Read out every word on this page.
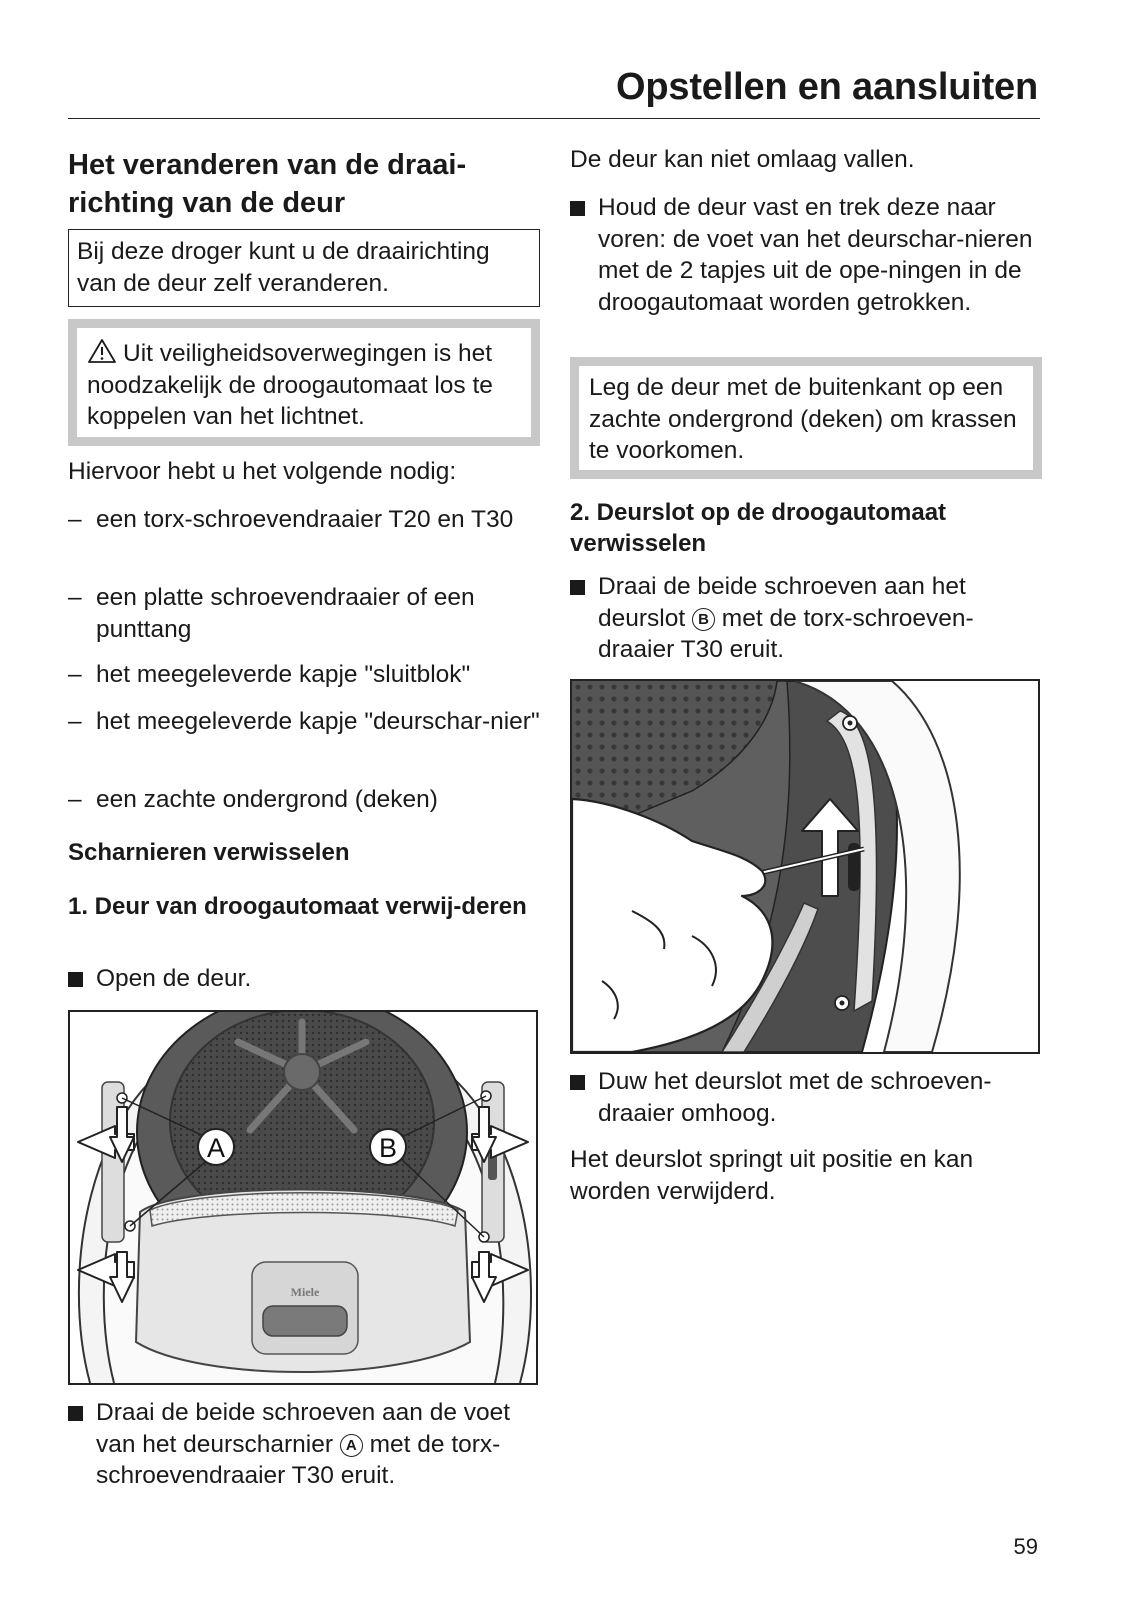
Opstellen en aansluiten
Het veranderen van de draai-
richting van de deur
Bij deze droger kunt u de draairichting van de deur zelf veranderen.
Uit veiligheidsoverwegingen is het noodzakelijk de droogautomaat los te koppelen van het lichtnet.
Hiervoor hebt u het volgende nodig:
– een torx-schroevendraaier T20 en T30
– een platte schroevendraaier of een punttang
– het meegeleverde kapje "sluitblok"
– het meegeleverde kapje "deurschar-nier"
– een zachte ondergrond (deken)
Scharnieren verwisselen
1. Deur van droogautomaat verwij-deren
Open de deur.
Miele
A	B
Draai de beide schroeven aan de voet van het deurscharnier A met de torx-schroevendraaier T30 eruit.
De deur kan niet omlaag vallen.
Houd de deur vast en trek deze naar voren: de voet van het deurschar-nieren met de 2 tapjes uit de ope-ningen in de droogautomaat worden getrokken.
Leg de deur met de buitenkant op een zachte ondergrond (deken) om krassen te voorkomen.
2. Deurslot op de droogautomaat verwisselen
Draai de beide schroeven aan het deurslot B met de torx-schroeven-draaier T30 eruit.
Duw het deurslot met de schroeven-draaier omhoog.
Het deurslot springt uit positie en kan worden verwijderd.
59
